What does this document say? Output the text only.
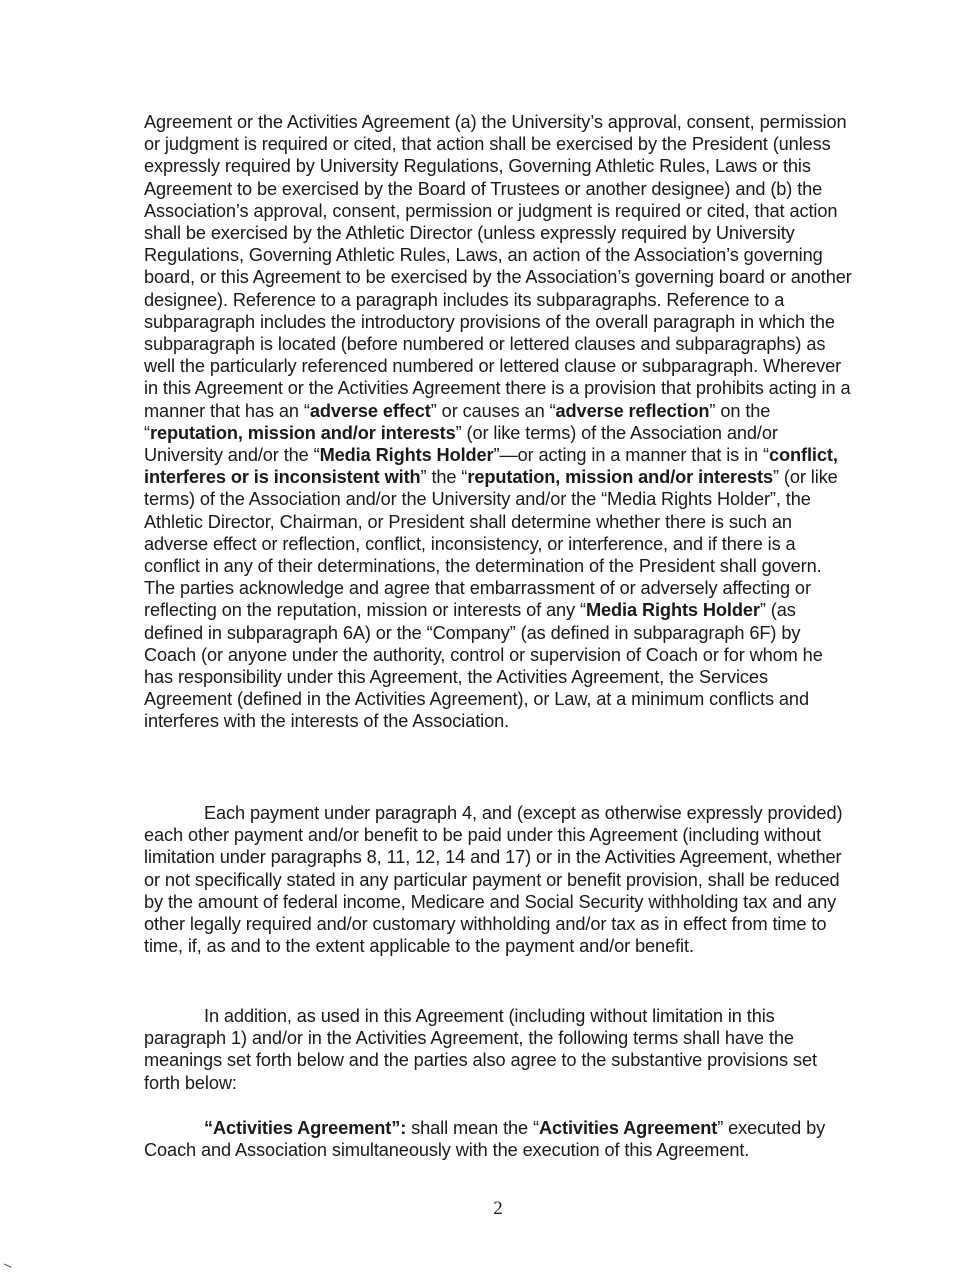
Agreement or the Activities Agreement (a) the University’s approval, consent, permission or judgment is required or cited, that action shall be exercised by the President (unless expressly required by University Regulations, Governing Athletic Rules, Laws or this Agreement to be exercised by the Board of Trustees or another designee) and (b) the Association’s approval, consent, permission or judgment is required or cited, that action shall be exercised by the Athletic Director (unless expressly required by University Regulations, Governing Athletic Rules, Laws, an action of the Association’s governing board, or this Agreement to be exercised by the Association’s governing board or another designee). Reference to a paragraph includes its subparagraphs. Reference to a subparagraph includes the introductory provisions of the overall paragraph in which the subparagraph is located (before numbered or lettered clauses and subparagraphs) as well the particularly referenced numbered or lettered clause or subparagraph. Wherever in this Agreement or the Activities Agreement there is a provision that prohibits acting in a manner that has an “adverse effect” or causes an “adverse reflection” on the “reputation, mission and/or interests” (or like terms) of the Association and/or University and/or the “Media Rights Holder”—or acting in a manner that is in “conflict, interferes or is inconsistent with” the “reputation, mission and/or interests” (or like terms) of the Association and/or the University and/or the “Media Rights Holder”, the Athletic Director, Chairman, or President shall determine whether there is such an adverse effect or reflection, conflict, inconsistency, or interference, and if there is a conflict in any of their determinations, the determination of the President shall govern. The parties acknowledge and agree that embarrassment of or adversely affecting or reflecting on the reputation, mission or interests of any “Media Rights Holder” (as defined in subparagraph 6A) or the “Company” (as defined in subparagraph 6F) by Coach (or anyone under the authority, control or supervision of Coach or for whom he has responsibility under this Agreement, the Activities Agreement, the Services Agreement (defined in the Activities Agreement), or Law, at a minimum conflicts and interferes with the interests of the Association.

Each payment under paragraph 4, and (except as otherwise expressly provided) each other payment and/or benefit to be paid under this Agreement (including without limitation under paragraphs 8, 11, 12, 14 and 17) or in the Activities Agreement, whether or not specifically stated in any particular payment or benefit provision, shall be reduced by the amount of federal income, Medicare and Social Security withholding tax and any other legally required and/or customary withholding and/or tax as in effect from time to time, if, as and to the extent applicable to the payment and/or benefit.

In addition, as used in this Agreement (including without limitation in this paragraph 1) and/or in the Activities Agreement, the following terms shall have the meanings set forth below and the parties also agree to the substantive provisions set forth below:

“Activities Agreement”: shall mean the “Activities Agreement” executed by Coach and Association simultaneously with the execution of this Agreement.

2
